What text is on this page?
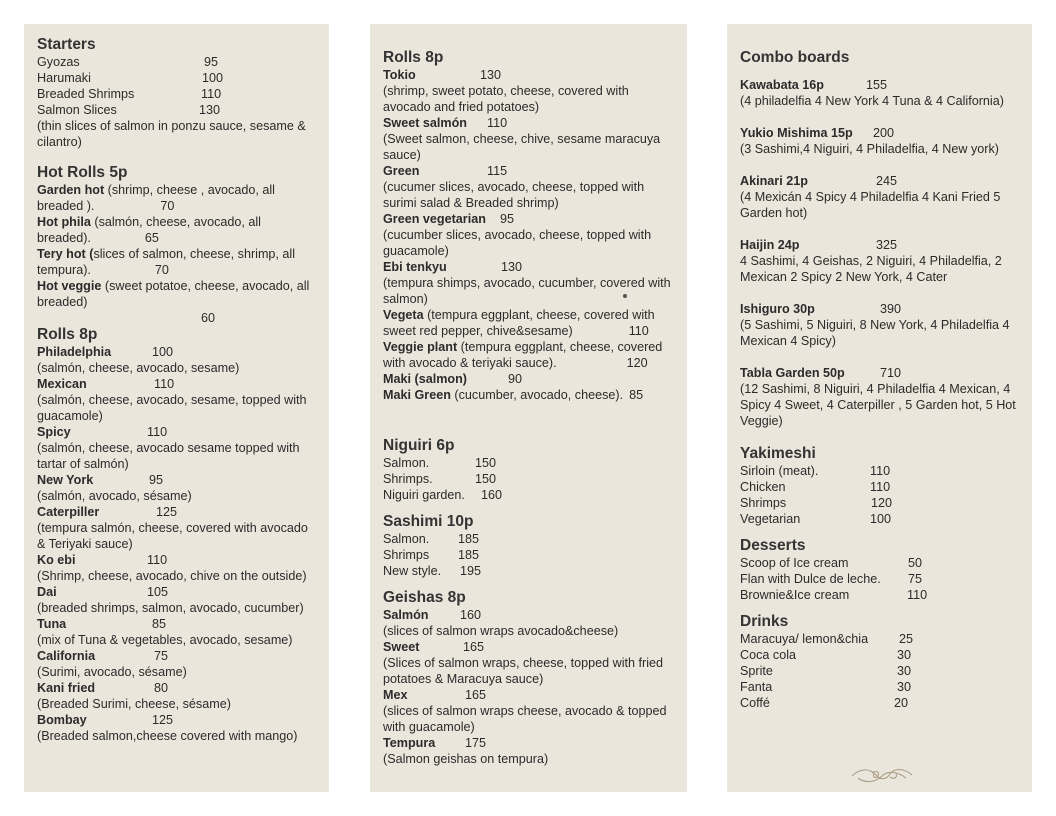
Starters
Gyozas	95
Harumaki	100
Breaded Shrimps	110
Salmon Slices	130
(thin slices of salmon in ponzu sauce, sesame & cilantro)
Hot Rolls 5p
Garden hot (shrimp, cheese , avocado, all breaded ).	70
Hot phila (salmón, cheese, avocado, all breaded).	65
Tery hot (slices of salmon, cheese, shrimp, all tempura).	70
Hot veggie (sweet potatoe, cheese, avocado, all breaded)
60
Rolls 8p
Philadelphia	100
(salmón, cheese, avocado, sesame)
Mexican	110
(salmón, cheese, avocado, sesame, topped with guacamole)
Spicy	110
(salmón, cheese, avocado sesame topped with tartar of salmón)
New York	95
(salmón, avocado, sésame)
Caterpiller	125
(tempura salmón, cheese, covered with avocado & Teriyaki sauce)
Ko ebi	110
(Shrimp, cheese, avocado, chive on the outside)
Dai	105
(breaded shrimps, salmon, avocado, cucumber)
Tuna	85
(mix of Tuna & vegetables, avocado, sesame)
California	75
(Surimi, avocado, sésame)
Kani fried	80
(Breaded Surimi, cheese, sésame)
Bombay	125
(Breaded salmon,cheese covered with mango)
Rolls 8p
Tokio	130
(shrimp, sweet potato, cheese, covered with avocado and fried potatoes)
Sweet salmón 110
(Sweet salmon, cheese, chive, sesame maracuya sauce)
Green	115
(cucumer slices, avocado, cheese, topped with surimi salad & Breaded shrimp)
Green vegetarian 95
(cucumber slices, avocado, cheese, topped with guacamole)
Ebi tenkyu	130
(tempura shimps, avocado, cucumber, covered with salmon)
Vegeta (tempura eggplant, cheese, covered with sweet red pepper, chive&sesame)	110
Veggie plant (tempura eggplant, cheese, covered with avocado & teriyaki sauce).	120
Maki (salmon)	90
Maki Green (cucumber, avocado, cheese). 85
Niguiri 6p
Salmon.	150
Shrimps.	150
Niguiri garden. 160
Sashimi 10p
Salmon. 185
Shrimps 185
New style. 195
Geishas 8p
Salmón	160
(slices of salmon wraps avocado&cheese)
Sweet	165
(Slices of salmon wraps, cheese, topped with fried potatoes & Maracuya sauce)
Mex	165
(slices of salmon wraps cheese, avocado & topped with guacamole)
Tempura 175
(Salmon geishas on tempura)
Combo boards
Kawabata 16p	155
(4 philadelfia 4 New York 4 Tuna & 4 California)
Yukio Mishima 15p 200
(3 Sashimi,4 Niguiri, 4 Philadelfia, 4 New york)
Akinari 21p	245
(4 Mexicán 4 Spicy 4 Philadelfia 4 Kani Fried 5 Garden hot)
Haijin 24p	325
4 Sashimi, 4 Geishas, 2 Niguiri, 4 Philadelfia, 2 Mexican 2 Spicy 2 New York, 4 Cater
Ishiguro 30p	390
(5 Sashimi, 5 Niguiri, 8 New York, 4 Philadelfia 4 Mexican 4 Spicy)
Tabla Garden 50p	710
(12 Sashimi, 8 Niguiri, 4 Philadelfia 4 Mexican, 4 Spicy 4 Sweet, 4 Caterpiller , 5 Garden hot, 5 Hot Veggie)
Yakimeshi
Sirloin (meat).	110
Chicken	110
Shrimps	120
Vegetarian	100
Desserts
Scoop of Ice cream	50
Flan with Dulce de leche. 75
Brownie&Ice cream	110
Drinks
Maracuya/ lemon&chia 25
Coca cola	30
Sprite	30
Fanta	30
Coffé	20
